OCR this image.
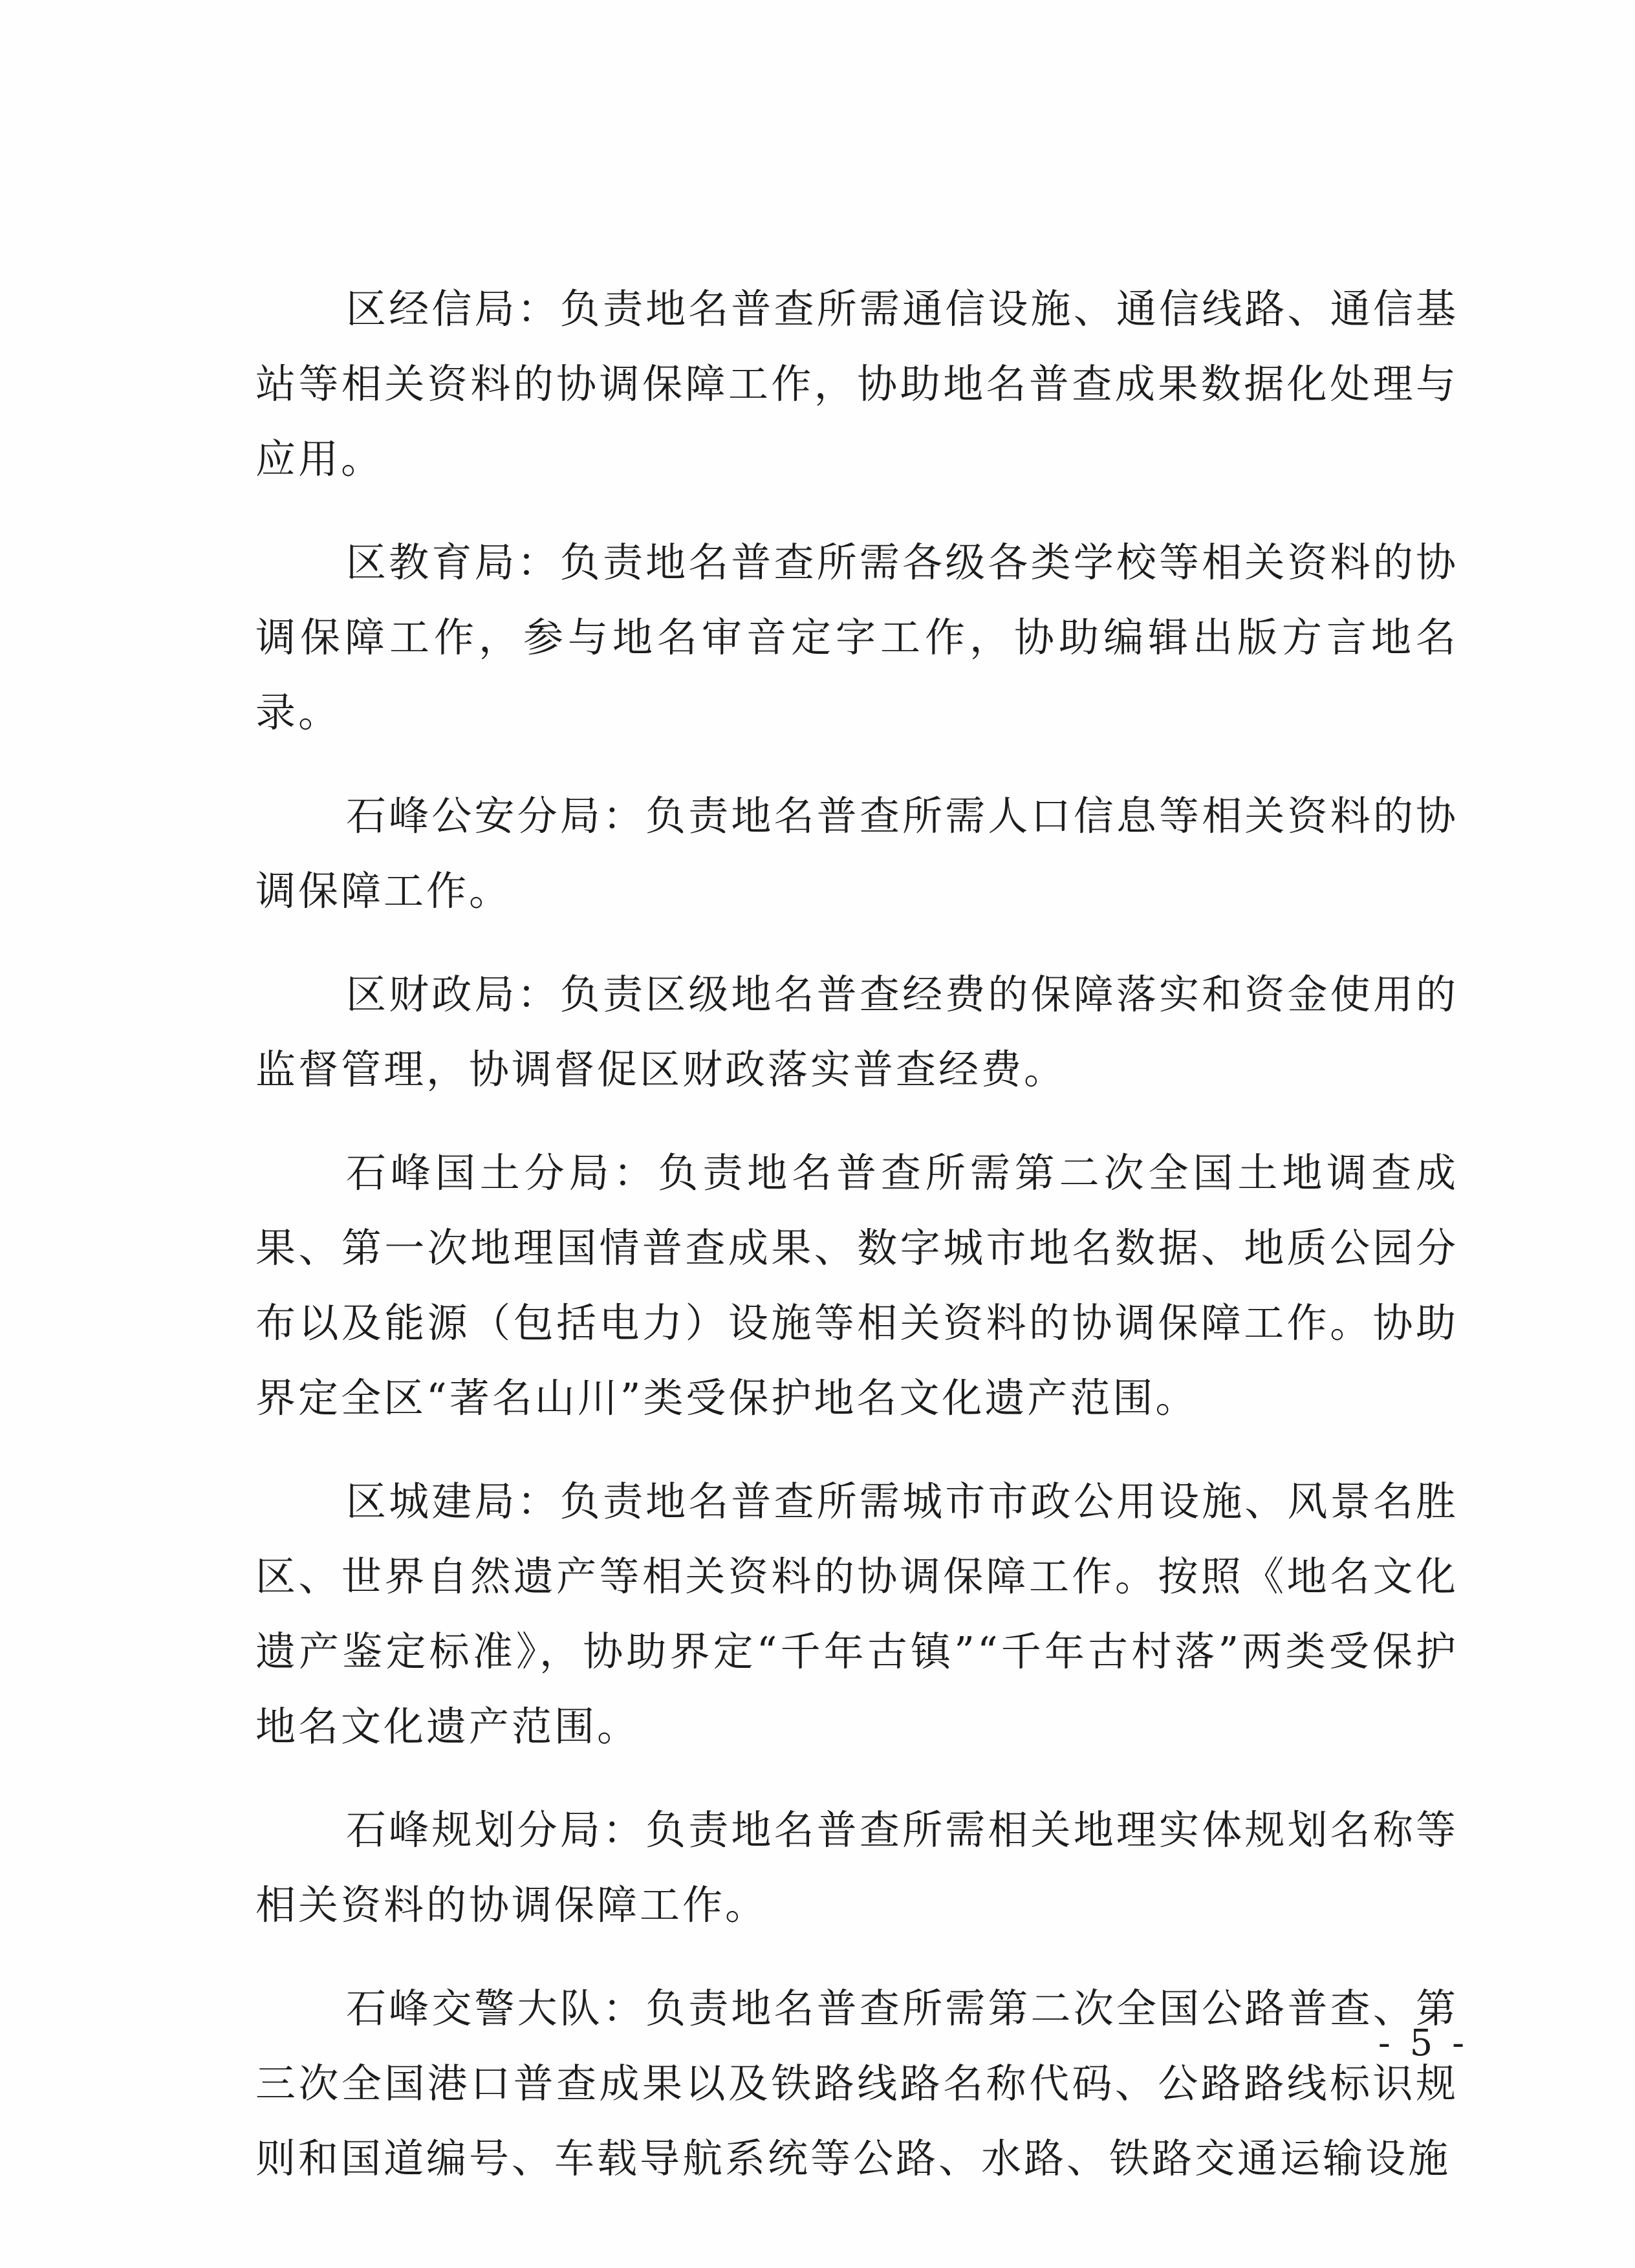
区经信局：负责地名普查所需通信设施、通信线路、通信基站等相关资料的协调保障工作，协助地名普查成果数据化处理与应用。

区教育局：负责地名普查所需各级各类学校等相关资料的协调保障工作，参与地名审音定字工作，协助编辑出版方言地名录。

石峰公安分局：负责地名普查所需人口信息等相关资料的协调保障工作。

区财政局：负责区级地名普查经费的保障落实和资金使用的监督管理，协调督促区财政落实普查经费。

石峰国土分局：负责地名普查所需第二次全国土地调查成果、第一次地理国情普查成果、数字城市地名数据、地质公园分布以及能源（包括电力）设施等相关资料的协调保障工作。协助界定全区“著名山川”类受保护地名文化遗产范围。

区城建局：负责地名普查所需城市市政公用设施、风景名胜区、世界自然遗产等相关资料的协调保障工作。按照《地名文化遗产鉴定标准》，协助界定“千年古镇”“千年古村落”两类受保护地名文化遗产范围。

石峰规划分局：负责地名普查所需相关地理实体规划名称等相关资料的协调保障工作。

石峰交警大队：负责地名普查所需第二次全国公路普查、第三次全国港口普查成果以及铁路线路名称代码、公路路线标识规则和国道编号、车载导航系统等公路、水路、铁路交通运输设施

- 5 -
